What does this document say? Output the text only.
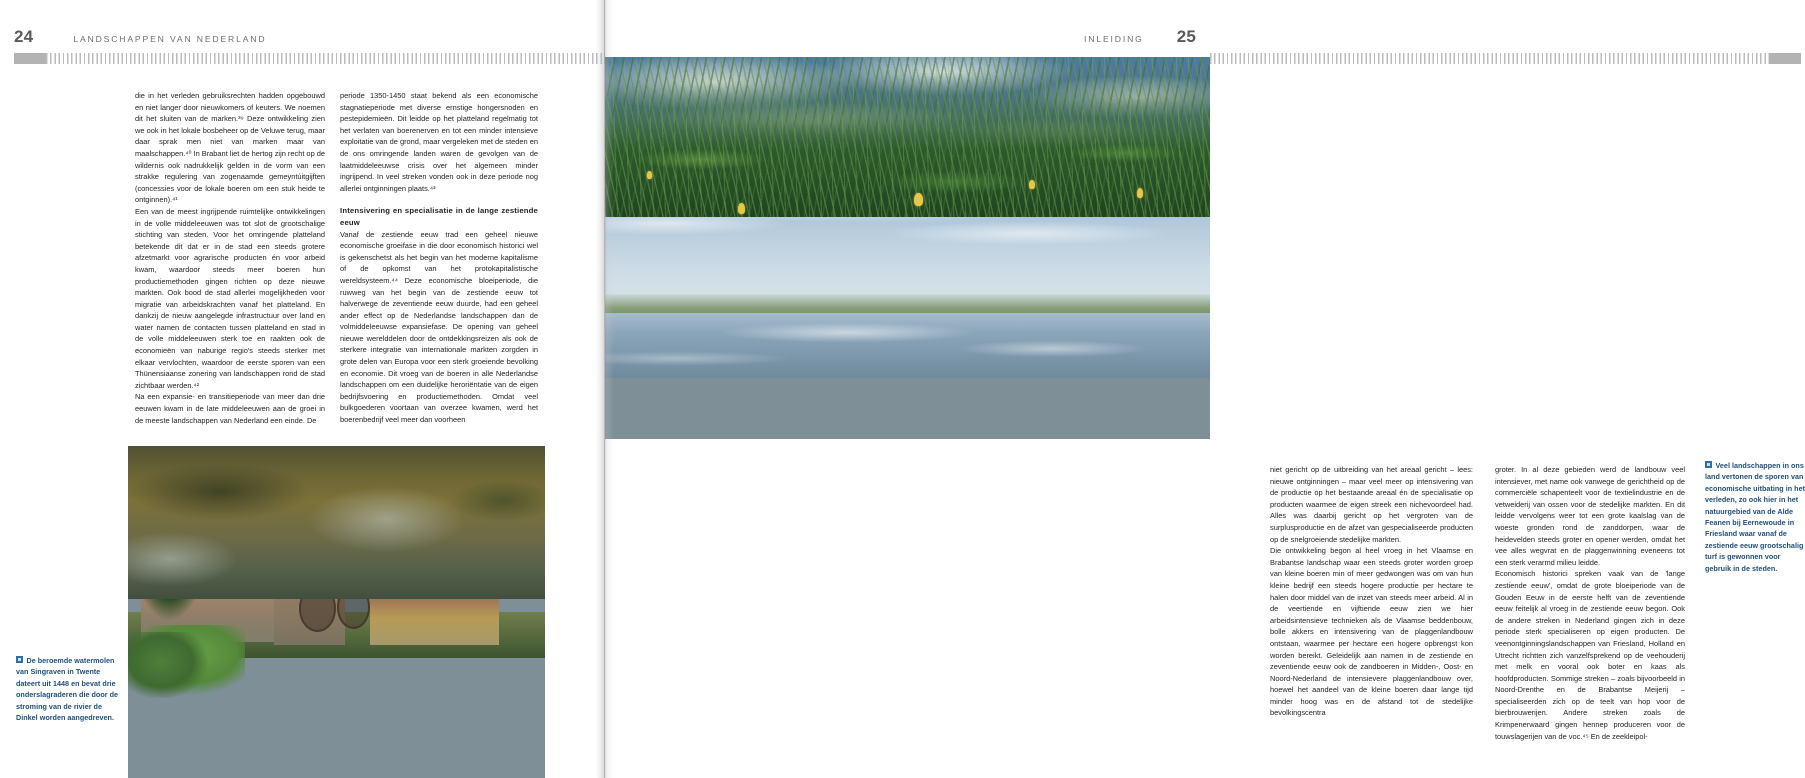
24	LANDSCHAPPEN VAN NEDERLAND

die in het verleden gebruiksrechten hadden opgebouwd en niet langer door nieuwkomers of keuters. We noemen dit het sluiten van de marken.³⁹ Deze ontwikkeling zien we ook in het lokale bosbeheer op de Veluwe terug, maar daar sprak men niet van marken maar van maalschappen.⁴⁰ In Brabant liet de hertog zijn recht op de wildernis ook nadrukkelijk gelden in de vorm van een strakke regulering van zogenaamde gemeyntúitgijften (concessies voor de lokale boeren om een stuk heide te ontginnen).⁴¹

Een van de meest ingrijpende ruimtelijke ontwikkelingen in de volle middeleeuwen was tot slot de grootschalige stichting van steden. Voor het omringende platteland betekende dit dat er in de stad een steeds grotere afzetmarkt voor agrarische producten én voor arbeid kwam, waardoor steeds meer boeren hun productiemethoden gingen richten op deze nieuwe markten. Ook bood de stad allerlei mogelijkheden voor migratie van arbeidskrachten vanaf het platteland. En dankzij de nieuw aangelegde infrastructuur over land en water namen de contacten tussen platteland en stad in de volle middeleeuwen sterk toe en raakten ook de economieën van naburige regio's steeds sterker met elkaar vervlochten, waardoor de eerste sporen van een Thünensiaanse zonering van landschappen rond de stad zichtbaar werden.⁴²

Na een expansie- en transitieperiode van meer dan drie eeuwen kwam in de late middeleeuwen aan de groei in de meeste landschappen van Nederland een einde. De

periode 1350-1450 staat bekend als een economische stagnatieperiode met diverse ernstige hongersnoden en pestepidemieën. Dit leidde op het platteland regelmatig tot het verlaten van boerenerven en tot een minder intensieve exploitatie van de grond, maar vergeleken met de steden en de ons omringende landen waren de gevolgen van de laatmiddeleeuwse crisis over het algemeen minder ingrijpend. In veel streken vonden ook in deze periode nog allerlei ontginningen plaats.⁴³

Intensivering en specialisatie in de lange zestiende eeuw

Vanaf de zestiende eeuw trad een geheel nieuwe economische groeifase in die door economisch historici wel is gekenschetst als het begin van het moderne kapitalisme of de opkomst van het protokapitalistische wereldsysteem.⁴⁴ Deze economische bloeiperiode, die ruwweg van het begin van de zestiende eeuw tot halverwege de zeventiende eeuw duurde, had een geheel ander effect op de Nederlandse landschappen dan de volmiddeleeuwse expansiefase. De opening van geheel nieuwe werelddelen door de ontdekkingsreizen als ook de sterkere integratie van internationale markten zorgden in grote delen van Europa voor een sterk groeiende bevolking en economie. Dit vroeg van de boeren in alle Nederlandse landschappen om een duidelijke heroriëntatie van de eigen bedrijfsvoering en productiemethoden. Omdat veel bulkgoederen voortaan van overzee kwamen, werd het boerenbedrijf veel meer dan voorheen

De beroemde watermolen van Singraven in Twente dateert uit 1448 en bevat drie onderslagraderen die door de stroming van de rivier de Dinkel worden aangedreven.
INLEIDING 25

niet gericht op de uitbreiding van het areaal gericht – lees: nieuwe ontginningen – maar veel meer op intensivering van de productie op het bestaande areaal én de specialisatie op producten waarmee de eigen streek een nichevoordeel had. Alles was daarbij gericht op het vergroten van de surplusproductie en de afzet van gespecialiseerde producten op de snelgroeiende stedelijke markten.

Die ontwikkeling begon al heel vroeg in het Vlaamse en Brabantse landschap waar een steeds groter worden groep van kleine boeren min of meer gedwongen was om van hun kleine bedrijf een steeds hogere productie per hectare te halen door middel van de inzet van steeds meer arbeid. Al in de veertiende en vijftiende eeuw zien we hier arbeidsintensieve technieken als de Vlaamse beddenbouw, bolle akkers en intensivering van de plaggenlandbouw ontstaan, waarmee per hectare een hogere opbrengst kon worden bereikt. Geleidelijk aan namen in de zestiende en zeventiende eeuw ook de zandboeren in Midden-, Oost- en Noord-Nederland de intensievere plaggenlandbouw over, hoewel het aandeel van de kleine boeren daar lange tijd minder hoog was en de afstand tot de stedelijke bevolkingscentra

groter. In al deze gebieden werd de landbouw veel intensiever, met name ook vanwege de gerichtheid op de commerciële schapenteelt voor de textielindustrie en de vetweiderij van ossen voor de stedelijke markten. En dit leidde vervolgens weer tot een grote kaalslag van de woeste gronden rond de zanddorpen, waar de heidevelden steeds groter en opener werden, omdat het vee alles wegvrat en de plaggenwinning eveneens tot een sterk verarmd milieu leidde.

Economisch historici spreken vaak van de 'lange zestiende eeuw', omdat de grote bloeiperiode van de Gouden Eeuw in de eerste helft van de zeventiende eeuw feitelijk al vroeg in de zestiende eeuw begon. Ook de andere streken in Nederland gingen zich in deze periode sterk specialiseren op eigen producten. De veenontginningslandschappen van Friesland, Holland en Utrecht richtten zich vanzelfsprekend op de veehouderij met melk en vooral ook boter en kaas als hoofdproducten. Sommige streken – zoals bijvoorbeeld in Noord-Drenthe en de Brabantse Meijerij – specialiseerden zich op de teelt van hop voor de bierbrouwerijen. Andere streken zoals de Krimpenerwaard gingen hennep produceren voor de touwslagerijen van de voc.⁴⁵ En de zeekleipol-

Veel landschappen in ons land vertonen de sporen van economische uitbating in het verleden, zo ook hier in het natuurgebied van de Alde Feanen bij Eernewoude in Friesland waar vanaf de zestiende eeuw grootschalig turf is gewonnen voor gebruik in de steden.
